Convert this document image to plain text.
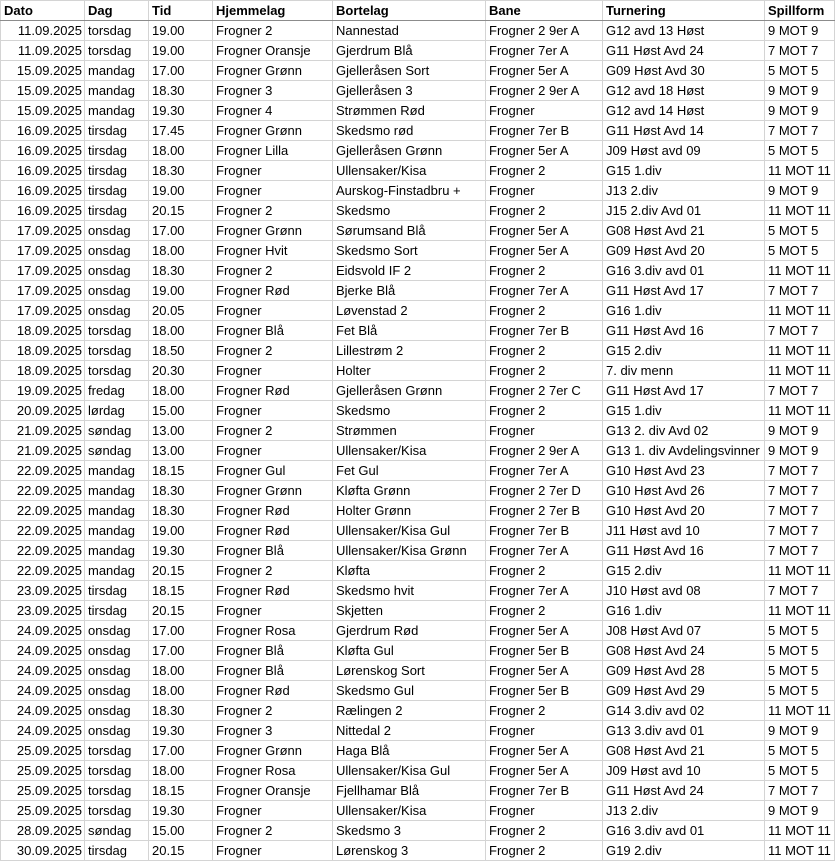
Dato	Dag	Tid	Hjemmelag	Bortelag	Bane	Turnering	Spillform
11.09.2025	torsdag	19.00	Frogner 2	Nannestad	Frogner 2 9er A	G12 avd 13 Høst	9 MOT 9
11.09.2025	torsdag	19.00	Frogner Oransje	Gjerdrum Blå	Frogner 7er A	G11 Høst Avd 24	7 MOT 7
15.09.2025	mandag	17.00	Frogner Grønn	Gjelleråsen Sort	Frogner 5er A	G09 Høst Avd 30	5 MOT 5
15.09.2025	mandag	18.30	Frogner 3	Gjelleråsen 3	Frogner 2 9er A	G12 avd 18 Høst	9 MOT 9
15.09.2025	mandag	19.30	Frogner 4	Strømmen Rød	Frogner	G12 avd 14 Høst	9 MOT 9
16.09.2025	tirsdag	17.45	Frogner Grønn	Skedsmo rød	Frogner 7er B	G11 Høst Avd 14	7 MOT 7
16.09.2025	tirsdag	18.00	Frogner Lilla	Gjelleråsen Grønn	Frogner 5er A	J09 Høst avd 09	5 MOT 5
16.09.2025	tirsdag	18.30	Frogner	Ullensaker/Kisa	Frogner 2	G15 1.div	11 MOT 11
16.09.2025	tirsdag	19.00	Frogner	Aurskog-Finstadbru +	Frogner	J13 2.div	9 MOT 9
16.09.2025	tirsdag	20.15	Frogner 2	Skedsmo	Frogner 2	J15 2.div Avd 01	11 MOT 11
17.09.2025	onsdag	17.00	Frogner Grønn	Sørumsand Blå	Frogner 5er A	G08 Høst Avd 21	5 MOT 5
17.09.2025	onsdag	18.00	Frogner Hvit	Skedsmo Sort	Frogner 5er A	G09 Høst Avd 20	5 MOT 5
17.09.2025	onsdag	18.30	Frogner 2	Eidsvold IF 2	Frogner 2	G16 3.div avd 01	11 MOT 11
17.09.2025	onsdag	19.00	Frogner Rød	Bjerke Blå	Frogner 7er A	G11 Høst Avd 17	7 MOT 7
17.09.2025	onsdag	20.05	Frogner	Løvenstad 2	Frogner 2	G16 1.div	11 MOT 11
18.09.2025	torsdag	18.00	Frogner Blå	Fet Blå	Frogner 7er B	G11 Høst Avd 16	7 MOT 7
18.09.2025	torsdag	18.50	Frogner 2	Lillestrøm 2	Frogner 2	G15 2.div	11 MOT 11
18.09.2025	torsdag	20.30	Frogner	Holter	Frogner 2	7. div menn	11 MOT 11
19.09.2025	fredag	18.00	Frogner Rød	Gjelleråsen Grønn	Frogner 2 7er C	G11 Høst Avd 17	7 MOT 7
20.09.2025	lørdag	15.00	Frogner	Skedsmo	Frogner 2	G15 1.div	11 MOT 11
21.09.2025	søndag	13.00	Frogner 2	Strømmen	Frogner	G13 2. div Avd 02	9 MOT 9
21.09.2025	søndag	13.00	Frogner	Ullensaker/Kisa	Frogner 2 9er A	G13 1. div Avdelingsvinner	9 MOT 9
22.09.2025	mandag	18.15	Frogner Gul	Fet Gul	Frogner 7er A	G10 Høst Avd 23	7 MOT 7
22.09.2025	mandag	18.30	Frogner Grønn	Kløfta Grønn	Frogner 2 7er D	G10 Høst Avd 26	7 MOT 7
22.09.2025	mandag	18.30	Frogner Rød	Holter Grønn	Frogner 2 7er B	G10 Høst Avd 20	7 MOT 7
22.09.2025	mandag	19.00	Frogner Rød	Ullensaker/Kisa Gul	Frogner 7er B	J11 Høst avd 10	7 MOT 7
22.09.2025	mandag	19.30	Frogner Blå	Ullensaker/Kisa Grønn	Frogner 7er A	G11 Høst Avd 16	7 MOT 7
22.09.2025	mandag	20.15	Frogner 2	Kløfta	Frogner 2	G15 2.div	11 MOT 11
23.09.2025	tirsdag	18.15	Frogner Rød	Skedsmo hvit	Frogner 7er A	J10 Høst avd 08	7 MOT 7
23.09.2025	tirsdag	20.15	Frogner	Skjetten	Frogner 2	G16 1.div	11 MOT 11
24.09.2025	onsdag	17.00	Frogner Rosa	Gjerdrum Rød	Frogner 5er A	J08 Høst Avd 07	5 MOT 5
24.09.2025	onsdag	17.00	Frogner Blå	Kløfta Gul	Frogner 5er B	G08 Høst Avd 24	5 MOT 5
24.09.2025	onsdag	18.00	Frogner Blå	Lørenskog Sort	Frogner 5er A	G09 Høst Avd 28	5 MOT 5
24.09.2025	onsdag	18.00	Frogner Rød	Skedsmo Gul	Frogner 5er B	G09 Høst Avd 29	5 MOT 5
24.09.2025	onsdag	18.30	Frogner 2	Rælingen 2	Frogner 2	G14 3.div avd 02	11 MOT 11
24.09.2025	onsdag	19.30	Frogner 3	Nittedal 2	Frogner	G13 3.div avd 01	9 MOT 9
25.09.2025	torsdag	17.00	Frogner Grønn	Haga Blå	Frogner 5er A	G08 Høst Avd 21	5 MOT 5
25.09.2025	torsdag	18.00	Frogner Rosa	Ullensaker/Kisa Gul	Frogner 5er A	J09 Høst avd 10	5 MOT 5
25.09.2025	torsdag	18.15	Frogner Oransje	Fjellhamar Blå	Frogner 7er B	G11 Høst Avd 24	7 MOT 7
25.09.2025	torsdag	19.30	Frogner	Ullensaker/Kisa	Frogner	J13 2.div	9 MOT 9
28.09.2025	søndag	15.00	Frogner 2	Skedsmo 3	Frogner 2	G16 3.div avd 01	11 MOT 11
30.09.2025	tirsdag	20.15	Frogner	Lørenskog 3	Frogner 2	G19 2.div	11 MOT 11
